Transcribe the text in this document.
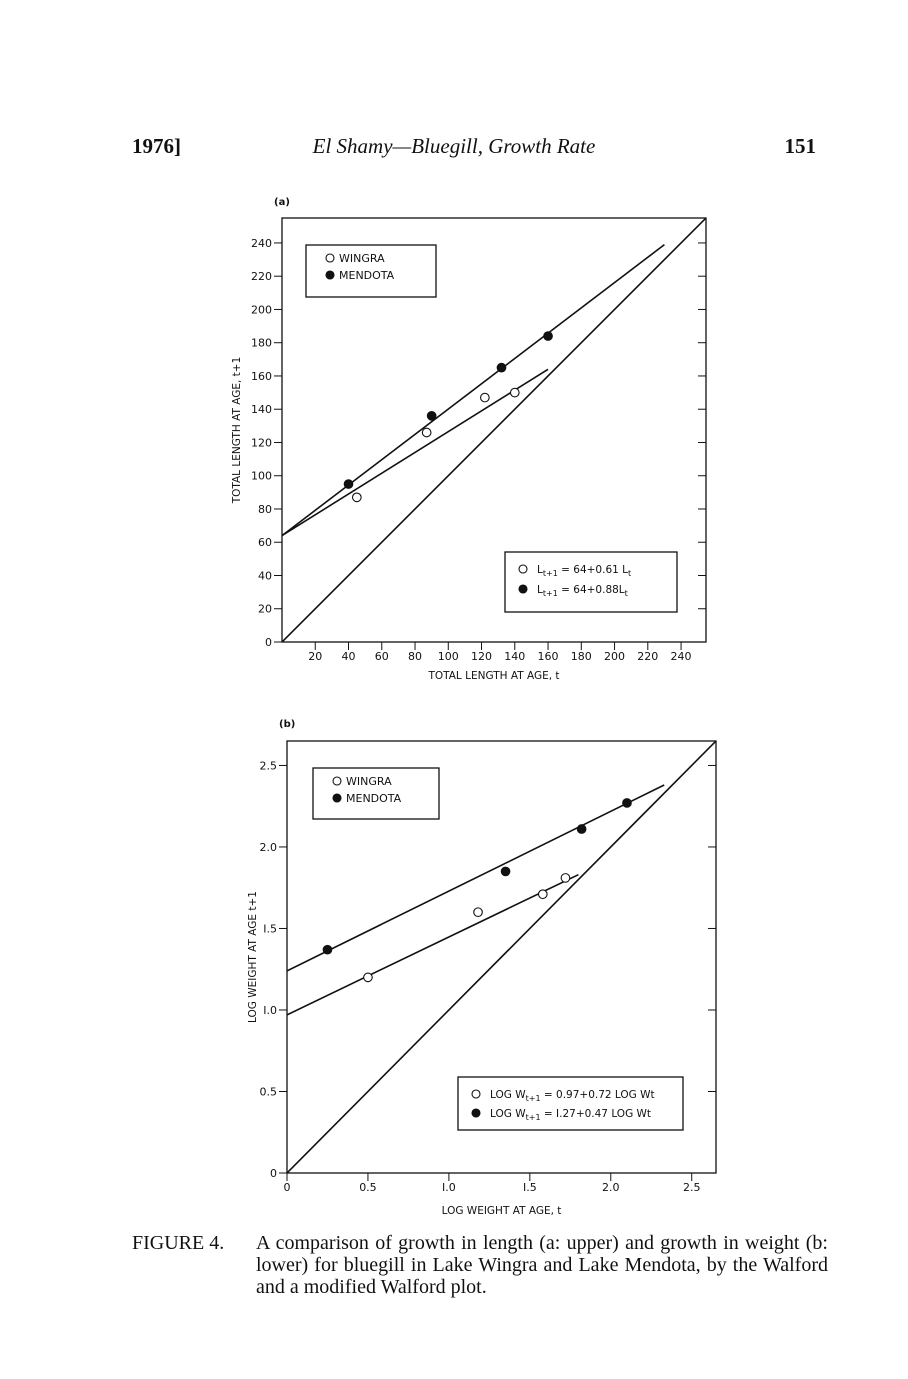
1976]	El Shamy—Bluegill, Growth Rate	151
(a)
20 40 60 80 100 120 140 160 180 200 220 240
0
20
40
60
80
100
120
140
160
180
200
220
240
TOTAL LENGTH AT AGE, t
TOTAL LENGTH AT AGE, t+1
WINGRA
MENDOTA
$L_{t+1} = 64+0.61$ $L_t$
$L_{t+1} = 64+0.88L_t$
(b)
0	0.5	I.0	I.5	2.0	2.5
0
0.5
I.0
I.5
2.0
2.5
LOG WEIGHT AT AGE, t
LOG WEIGHT AT AGE t+1
WINGRA
MENDOTA
LOG $W_{t+1} = 0.97+0.72$ LOG Wt
LOG $W_{t+1} = I.27+0.47$ LOG Wt
FIGURE 4. A comparison of growth in length (a: upper) and growth in weight (b: lower) for bluegill in Lake Wingra and Lake Mendota, by the Walford and a modified Walford plot.
